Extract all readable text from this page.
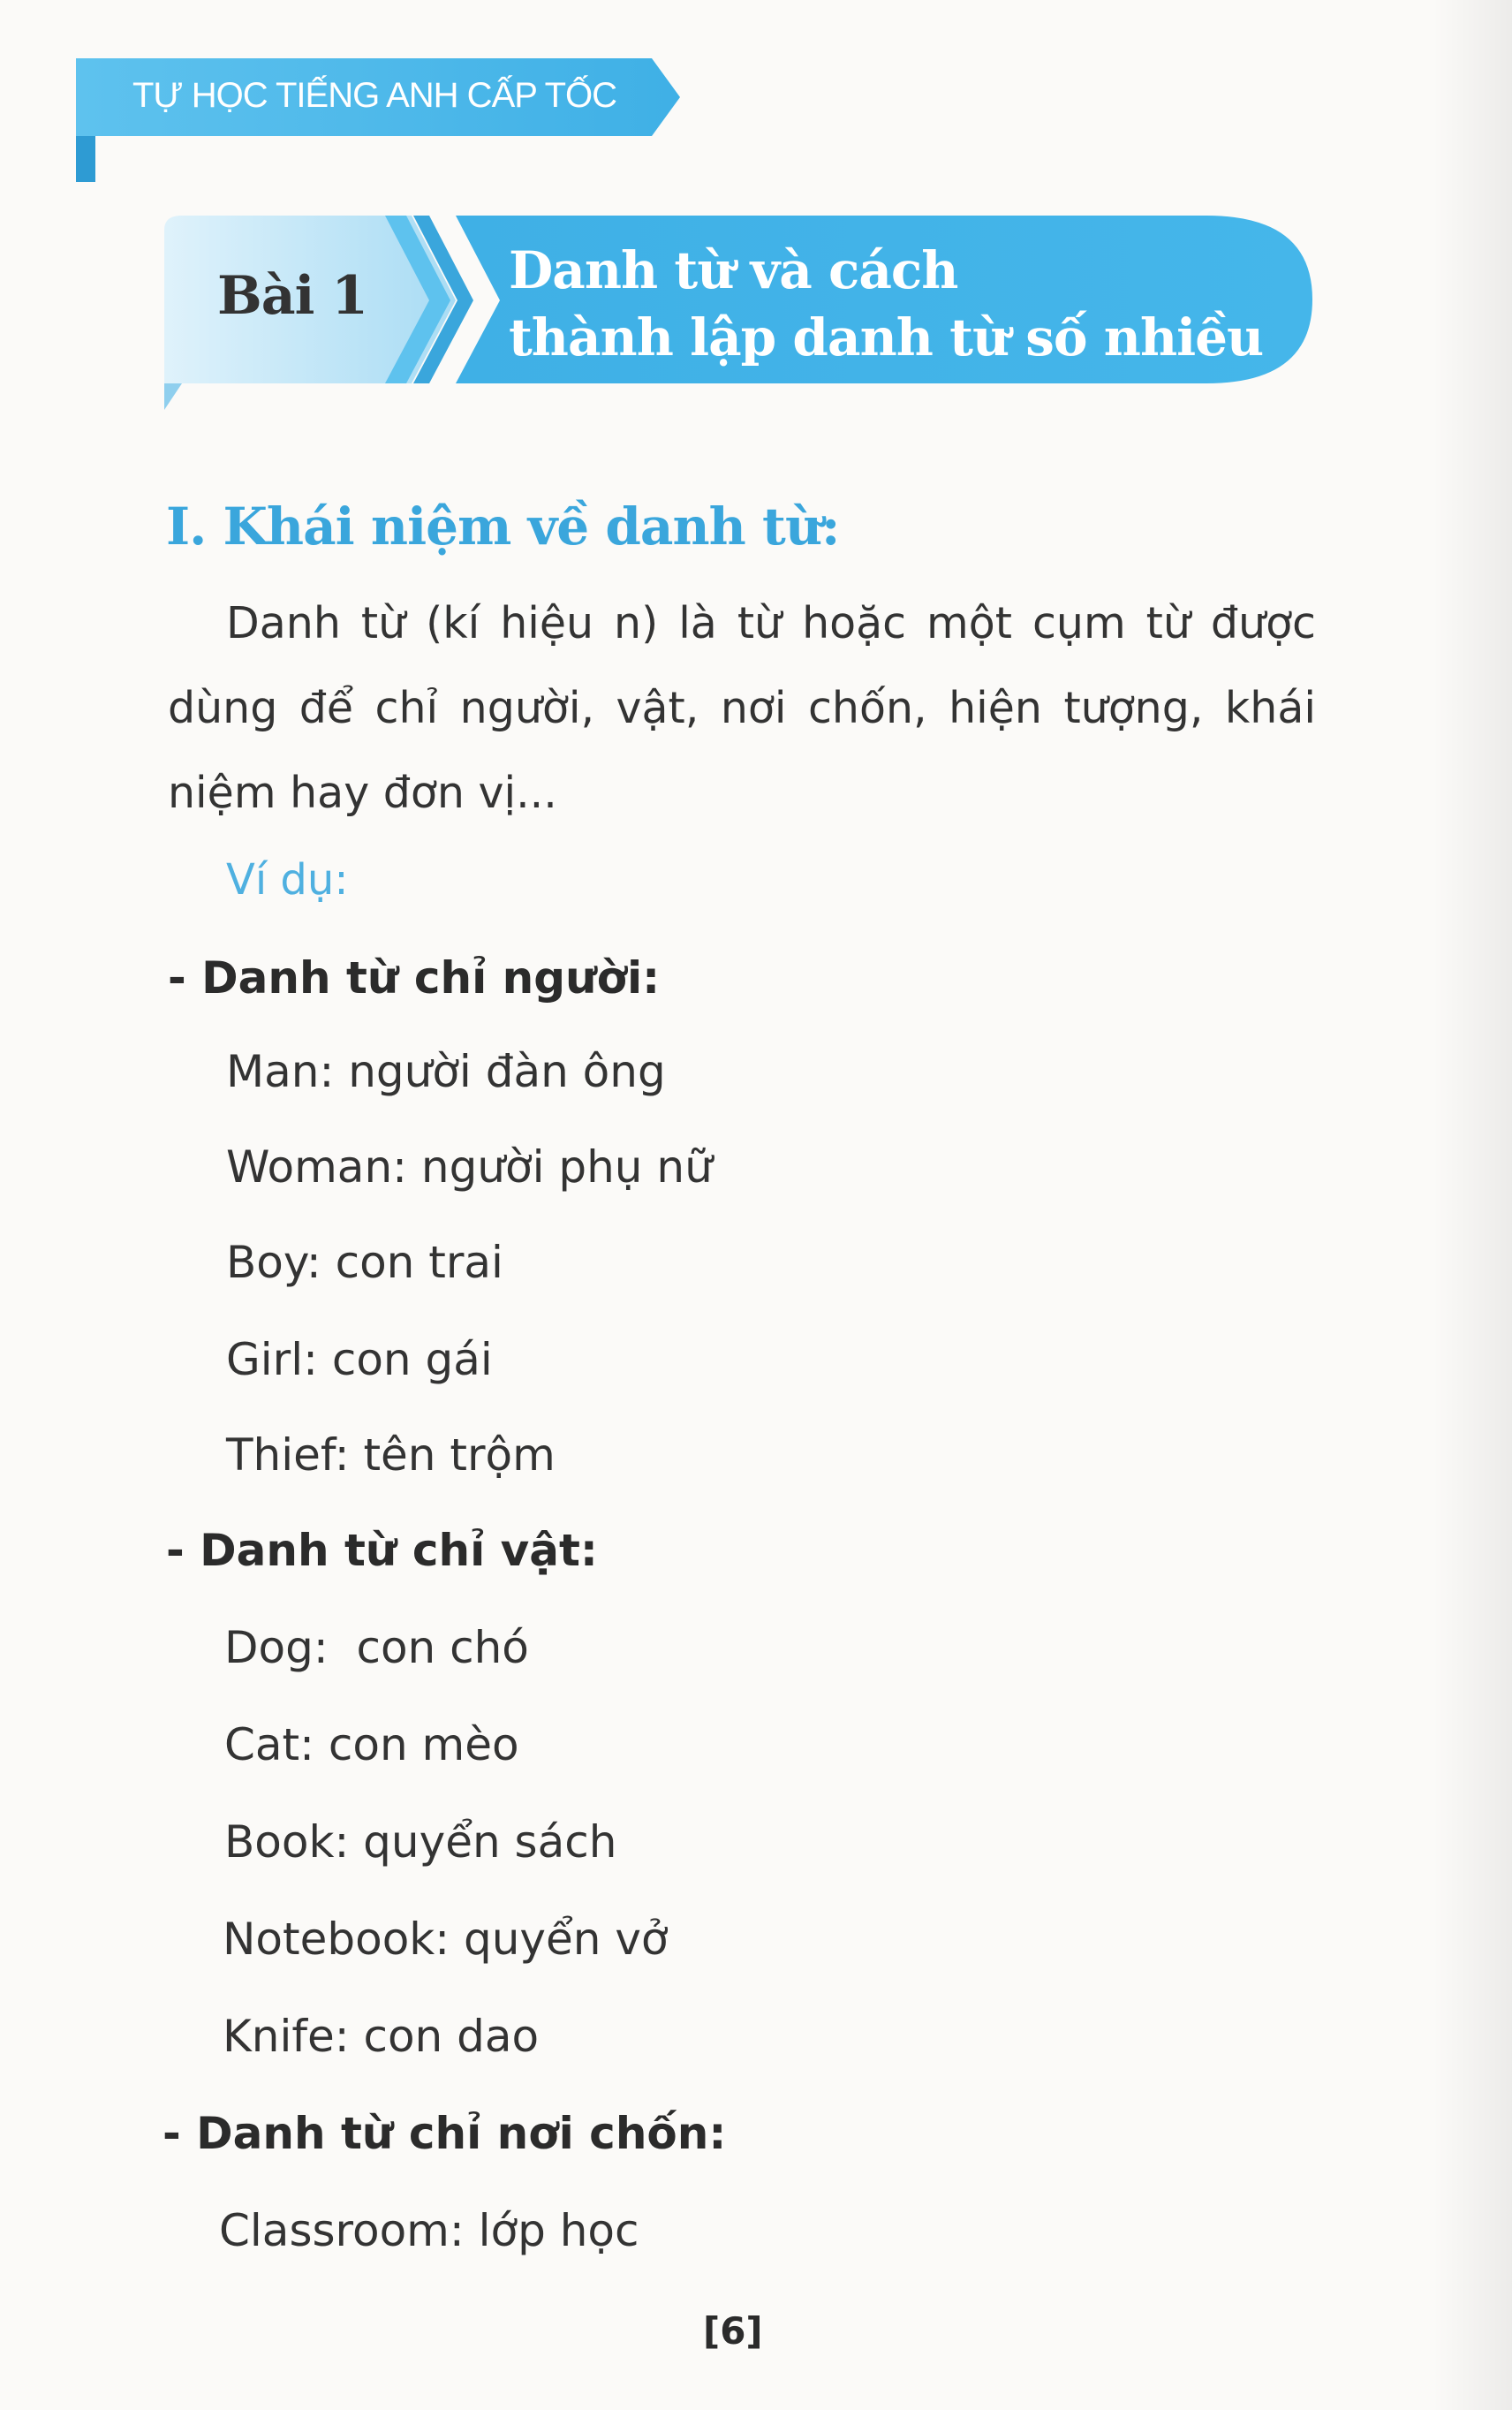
TỰ HỌC TIẾNG ANH CẤP TỐC
Bài 1	Danh từ và cách
thành lập danh từ số nhiều
I. Khái niệm về danh từ:

Danh từ (kí hiệu n) là từ hoặc một cụm từ được dùng để chỉ người, vật, nơi chốn, hiện tượng, khái niệm hay đơn vị...

Ví dụ:
- Danh từ chỉ người:
Man: người đàn ông
Woman: người phụ nữ
Boy: con trai
Girl: con gái
Thief: tên trộm
- Danh từ chỉ vật:
Dog:  con chó
Cat: con mèo
Book: quyển sách
Notebook: quyển vở
Knife: con dao
- Danh từ chỉ nơi chốn:
Classroom: lớp học
[6]
